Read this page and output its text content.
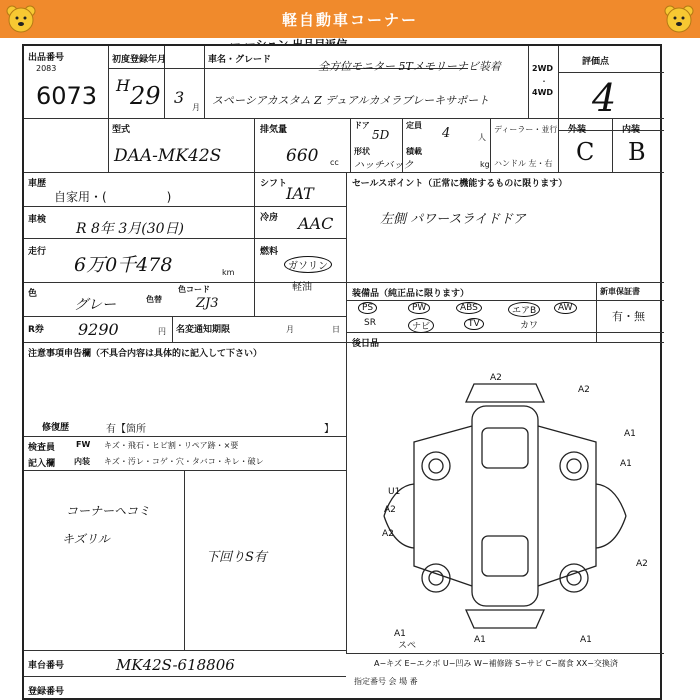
軽自動車コーナー
出品番号
2083
6073
初度登録年月
H 29 3
月
車名・グレード	全方位モニター 5Tメモリーナビ装着
スペーシアカスタム Z デュアルカメラブレーキサポート
2WD
・
4WD
評価点
4
外装	内装
C B
型式
DAA-MK42S
排気量
660 cc
ドア
5D
定員
4	人
形状
ハッチバック
積載
kg
ディーラー・並行
ハンドル 左・右
車歴
自家用・(　　　　　)
シフト
IAT	セールスポイント（正常に機能するものに限ります）
左側 パワースライドドア
車検
R 8年 3月(30日)
冷房 AAC
走行
6万0千478	km
燃料
ガソリン
軽油
色
グレー	色替
色コード
ZJ3
装備品（純正品に限ります）
PS	PW	ABS	エアB	AW
SR	ナビ	TV	カワ
新車保証書
有・無
R券 9290	円 名変通知期限	月	日
後日品
注意事項申告欄（不具合内容は具体的に記入して下さい）
修復歴	有【箇所	】
検査員
記入欄
FW キズ・飛石・ヒビ割・リペア跡・×要
内装 キズ・汚レ・コゲ・穴・タバコ・キレ・破レ
コーナーヘコミ
キズリル
下回りS有
車台番号	MK42S-618806
登録番号
A−キズ E−エクボ U−凹み W−補修跡 S−サビ C−腐食 XX−交換済
指定番号 会 場 番
A2
A2
A1
A1
U1
A2
A2
A2
A1
A1	A1
スペ
